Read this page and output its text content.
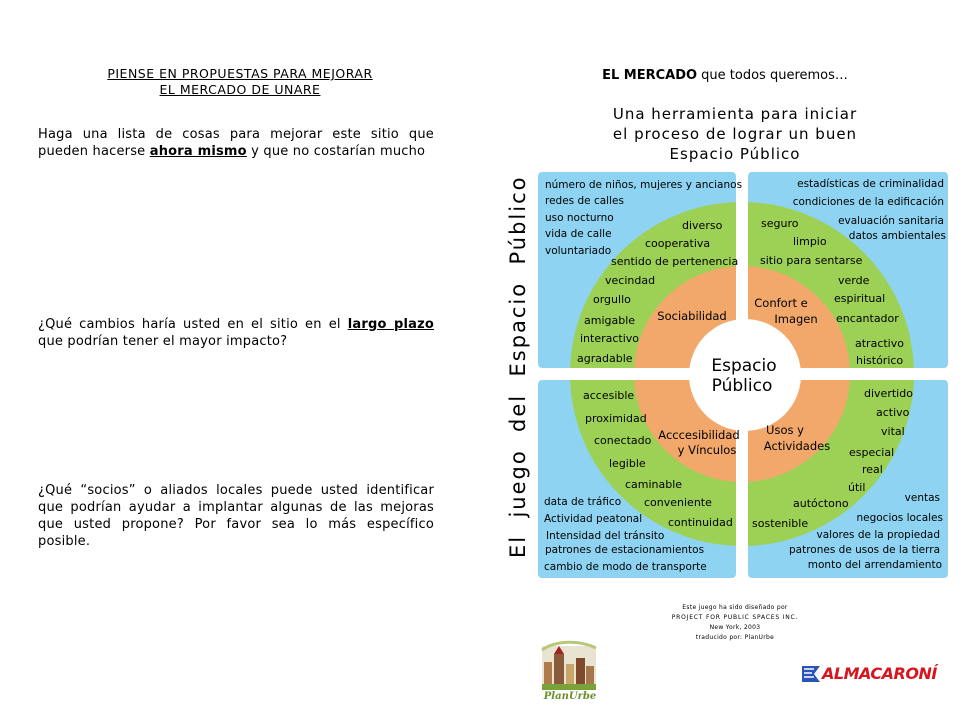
PIENSE EN PROPUESTAS PARA MEJORAR
EL MERCADO DE UNARE
Haga una lista de cosas para mejorar este sitio que pueden hacerse ahora mismo y que no costarían mucho
¿Qué cambios haría usted en el sitio en el largo plazo que podrían tener el mayor impacto?
¿Qué “socios” o aliados locales puede usted identificar que podrían ayudar a implantar algunas de las mejoras que usted propone? Por favor sea lo más específico posible.
EL MERCADO que todos queremos…
Una herramienta para iniciar
el proceso de lograr un buen
Espacio Público
El  juego  del  Espacio  Público	Espacio
Público
Sociabilidad
Confort e
Imagen
Acccesibilidad
y Vínculos
Usos y
Actividades
diverso
cooperativa
sentido de pertenencia
vecindad
orgullo
amigable
interactivo
agradable
número de niños, mujeres y ancianos
redes de calles
uso nocturno
vida de calle
voluntariado
seguro
limpio
sitio para sentarse
verde
espiritual
encantador
atractivo
histórico
estadísticas de criminalidad
condiciones de la edificación
evaluación sanitaria
datos ambientales
accesible
proximidad
conectado
legible
caminable
conveniente
continuidad
data de tráfico
Actividad peatonal
Intensidad del tránsito
patrones de estacionamientos
cambio de modo de transporte
divertido
activo
vital
especial
real
útil
autóctono
sostenible
ventas
negocios locales
valores de la propiedad
patrones de usos de la tierra
monto del arrendamiento
Este juego ha sido diseñado por
PROJECT FOR PUBLIC SPACES INC.
New York, 2003
traducido por: PlanUrbe
PlanUrbe
ALMACARONÍ
